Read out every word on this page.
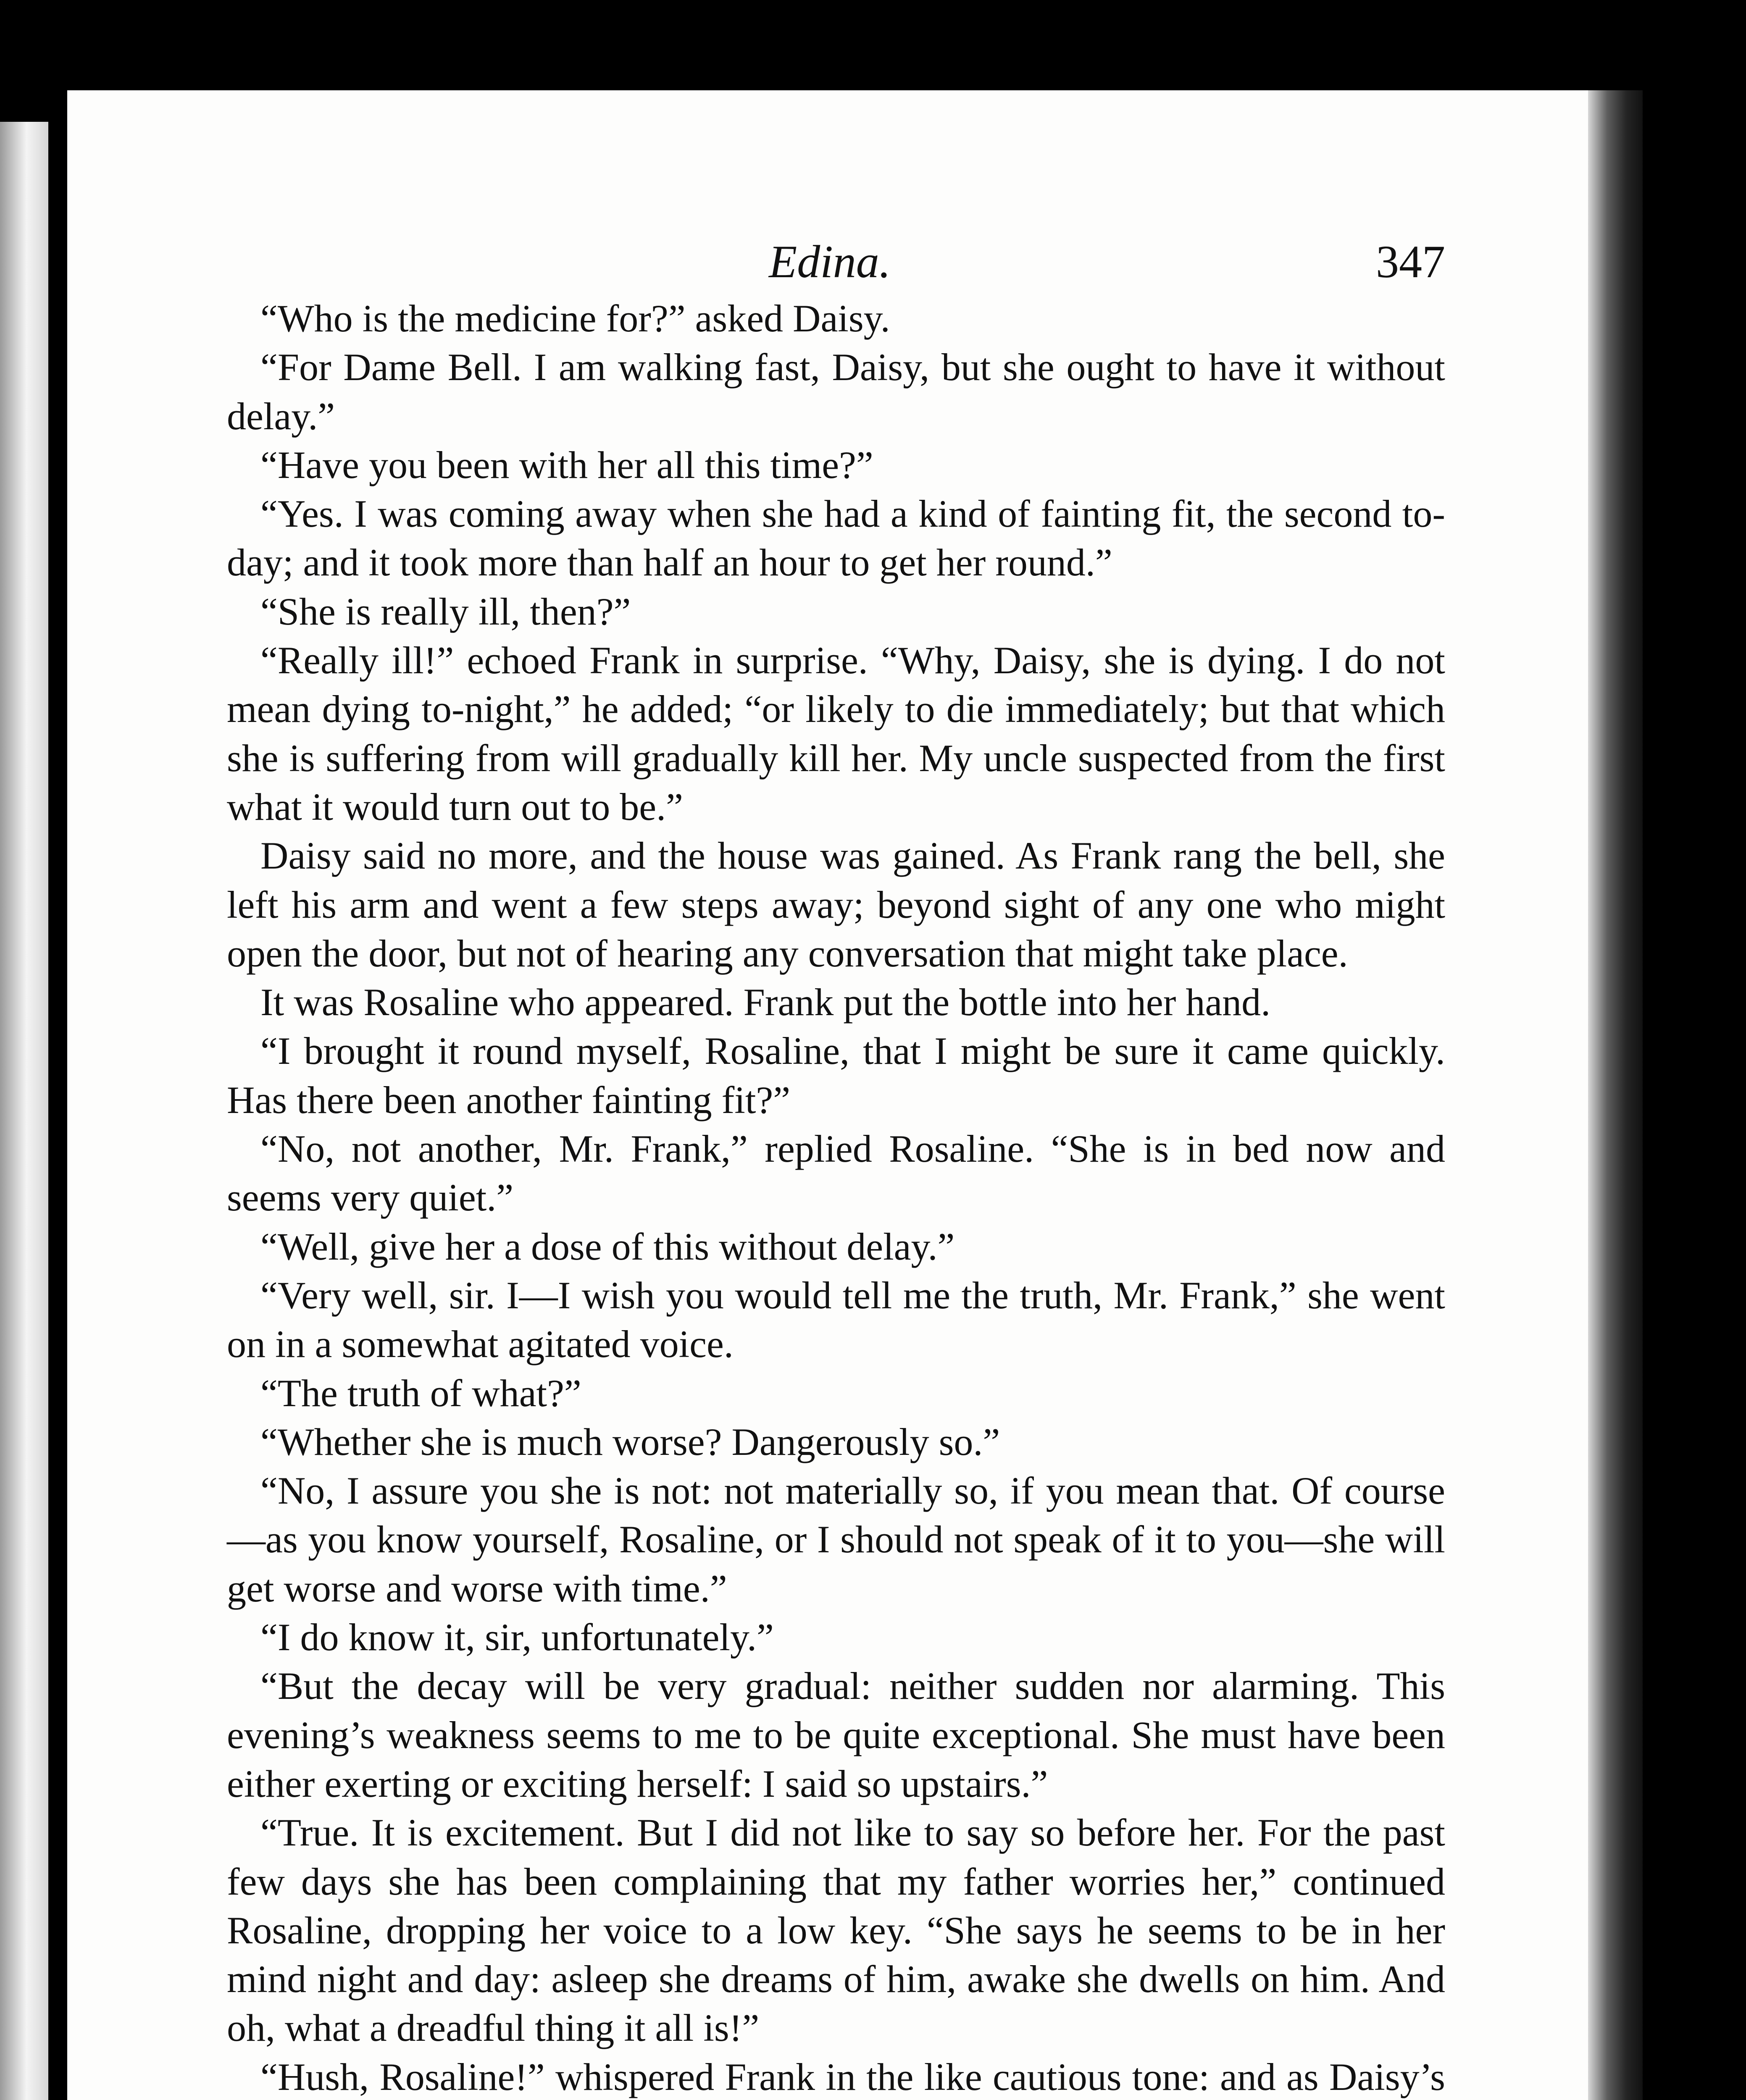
Edina.	347

“Who is the medicine for?” asked Daisy.

“For Dame Bell. I am walking fast, Daisy, but she ought to have it without delay.”

“Have you been with her all this time?”

“Yes. I was coming away when she had a kind of fainting fit, the second to-day; and it took more than half an hour to get her round.”

“She is really ill, then?”

“Really ill!” echoed Frank in surprise. “Why, Daisy, she is dying. I do not mean dying to-night,” he added; “or likely to die immediately; but that which she is suffering from will gradually kill her. My uncle suspected from the first what it would turn out to be.”

Daisy said no more, and the house was gained. As Frank rang the bell, she left his arm and went a few steps away; beyond sight of any one who might open the door, but not of hearing any conversation that might take place.

It was Rosaline who appeared. Frank put the bottle into her hand.

“I brought it round myself, Rosaline, that I might be sure it came quickly. Has there been another fainting fit?”

“No, not another, Mr. Frank,” replied Rosaline. “She is in bed now and seems very quiet.”

“Well, give her a dose of this without delay.”

“Very well, sir. I—I wish you would tell me the truth, Mr. Frank,” she went on in a somewhat agitated voice.

“The truth of what?”

“Whether she is much worse? Dangerously so.”

“No, I assure you she is not: not materially so, if you mean that. Of course—as you know yourself, Rosaline, or I should not speak of it to you—she will get worse and worse with time.”

“I do know it, sir, unfortunately.”

“But the decay will be very gradual: neither sudden nor alarming. This evening’s weakness seems to me to be quite exceptional. She must have been either exerting or exciting herself: I said so upstairs.”

“True. It is excitement. But I did not like to say so before her. For the past few days she has been complaining that my father worries her,” continued Rosaline, dropping her voice to a low key. “She says he seems to be in her mind night and day: asleep she dreams of him, awake she dwells on him. And oh, what a dreadful thing it all is!”

“Hush, Rosaline!” whispered Frank in the like cautious tone: and as Daisy’s
